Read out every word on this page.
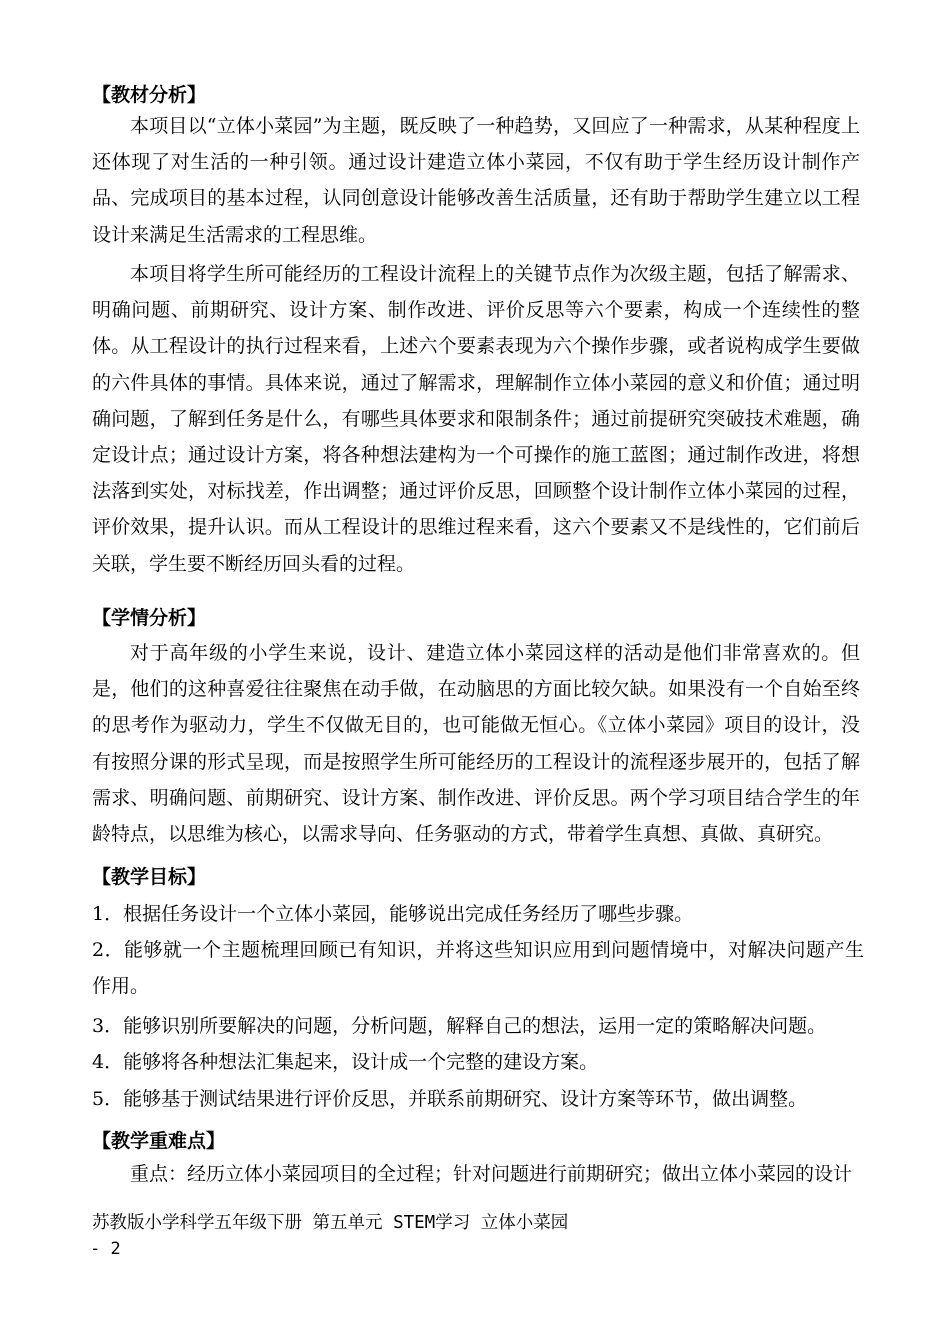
【教材分析】
本项目以“立体小菜园”为主题，既反映了一种趋势，又回应了一种需求，从某种程度上还体现了对生活的一种引领。通过设计建造立体小菜园，不仅有助于学生经历设计制作产品、完成项目的基本过程，认同创意设计能够改善生活质量，还有助于帮助学生建立以工程设计来满足生活需求的工程思维。
本项目将学生所可能经历的工程设计流程上的关键节点作为次级主题，包括了解需求、明确问题、前期研究、设计方案、制作改进、评价反思等六个要素，构成一个连续性的整体。从工程设计的执行过程来看，上述六个要素表现为六个操作步骤，或者说构成学生要做的六件具体的事情。具体来说，通过了解需求，理解制作立体小菜园的意义和价值；通过明确问题，了解到任务是什么，有哪些具体要求和限制条件；通过前提研究突破技术难题，确定设计点；通过设计方案，将各种想法建构为一个可操作的施工蓝图；通过制作改进，将想法落到实处，对标找差，作出调整；通过评价反思，回顾整个设计制作立体小菜园的过程，评价效果，提升认识。而从工程设计的思维过程来看，这六个要素又不是线性的，它们前后关联，学生要不断经历回头看的过程。
【学情分析】
对于高年级的小学生来说，设计、建造立体小菜园这样的活动是他们非常喜欢的。但是，他们的这种喜爱往往聚焦在动手做，在动脑思的方面比较欠缺。如果没有一个自始至终的思考作为驱动力，学生不仅做无目的，也可能做无恒心。《立体小菜园》项目的设计，没有按照分课的形式呈现，而是按照学生所可能经历的工程设计的流程逐步展开的，包括了解需求、明确问题、前期研究、设计方案、制作改进、评价反思。两个学习项目结合学生的年龄特点，以思维为核心，以需求导向、任务驱动的方式，带着学生真想、真做、真研究。
【教学目标】
1．根据任务设计一个立体小菜园，能够说出完成任务经历了哪些步骤。
2．能够就一个主题梳理回顾已有知识，并将这些知识应用到问题情境中，对解决问题产生作用。
3．能够识别所要解决的问题，分析问题，解释自己的想法，运用一定的策略解决问题。
4．能够将各种想法汇集起来，设计成一个完整的建设方案。
5．能够基于测试结果进行评价反思，并联系前期研究、设计方案等环节，做出调整。
【教学重难点】
重点：经历立体小菜园项目的全过程；针对问题进行前期研究；做出立体小菜园的设计
苏教版小学科学五年级下册 第五单元 STEM学习 立体小菜园
- 2
